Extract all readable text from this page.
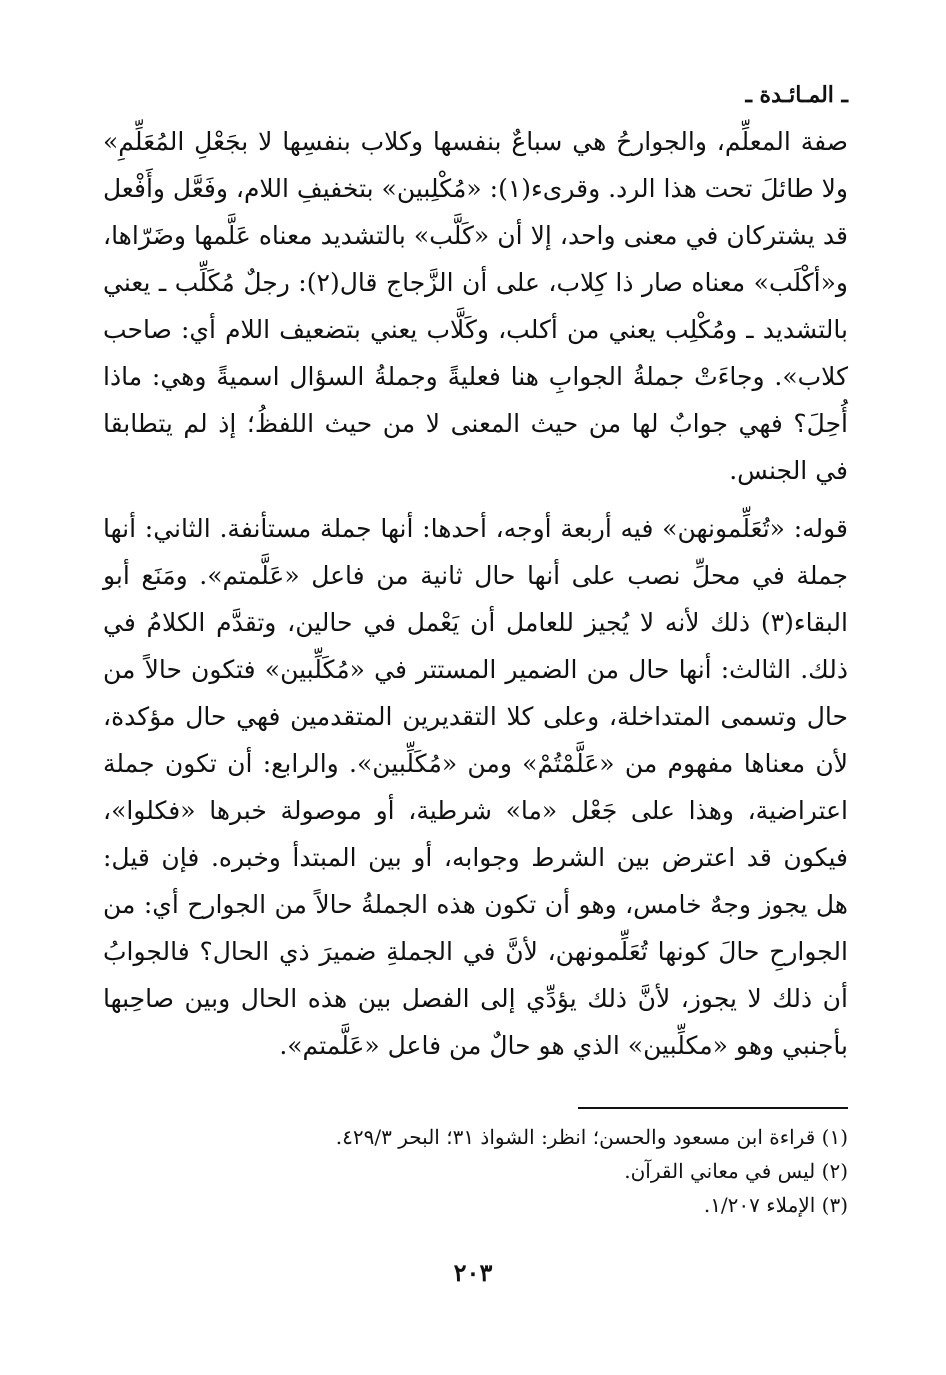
ـ المـائـدة ـ

صفة المعلِّم، والجوارحُ هي سباعٌ بنفسها وكلاب بنفسِها لا بجَعْلِ المُعَلِّمِ» ولا طائلَ تحت هذا الرد. وقرىء(١): «مُكْلِبين» بتخفيفِ اللام، وفَعَّل وأَفْعل قد يشتركان في معنى واحد، إلا أن «كَلَّب» بالتشديد معناه عَلَّمها وضَرّاها، و«أكْلَب» معناه صار ذا كِلاب، على أن الزَّجاج قال(٢): رجلٌ مُكَلِّب ـ يعني بالتشديد ـ ومُكْلِب يعني من أكلب، وكَلَّاب يعني بتضعيف اللام أي: صاحب كلاب». وجاءَتْ جملةُ الجوابِ هنا فعليةً وجملةُ السؤال اسميةً وهي: ماذا أُحِلَ؟ فهي جوابٌ لها من حيث المعنى لا من حيث اللفظُ؛ إذ لم يتطابقا في الجنس.

قوله: «تُعَلِّمونهن» فيه أربعة أوجه، أحدها: أنها جملة مستأنفة. الثاني: أنها جملة في محلِّ نصب على أنها حال ثانية من فاعل «عَلَّمتم». ومَنَع أبو البقاء(٣) ذلك لأنه لا يُجيز للعامل أن يَعْمل في حالين، وتقدَّم الكلامُ في ذلك. الثالث: أنها حال من الضمير المستتر في «مُكَلِّبين» فتكون حالاً من حال وتسمى المتداخلة، وعلى كلا التقديرين المتقدمين فهي حال مؤكدة، لأن معناها مفهوم من «عَلَّمْتُمْ» ومن «مُكَلِّبين». والرابع: أن تكون جملة اعتراضية، وهذا على جَعْل «ما» شرطية، أو موصولة خبرها «فكلوا»، فيكون قد اعترض بين الشرط وجوابه، أو بين المبتدأ وخبره. فإن قيل: هل يجوز وجهٌ خامس، وهو أن تكون هذه الجملةُ حالاً من الجوارح أي: من الجوارحِ حالَ كونها تُعَلِّمونهن، لأنَّ في الجملةِ ضميرَ ذي الحال؟ فالجوابُ أن ذلك لا يجوز، لأنَّ ذلك يؤدِّي إلى الفصل بين هذه الحال وبين صاحِبها بأجنبي وهو «مكلِّبين» الذي هو حالٌ من فاعل «عَلَّمتم».

(١) قراءة ابن مسعود والحسن؛ انظر: الشواذ ٣١؛ البحر ٤٢٩/٣.
(٢) ليس في معاني القرآن.
(٣) الإملاء ١/٢٠٧.
٢٠٣
